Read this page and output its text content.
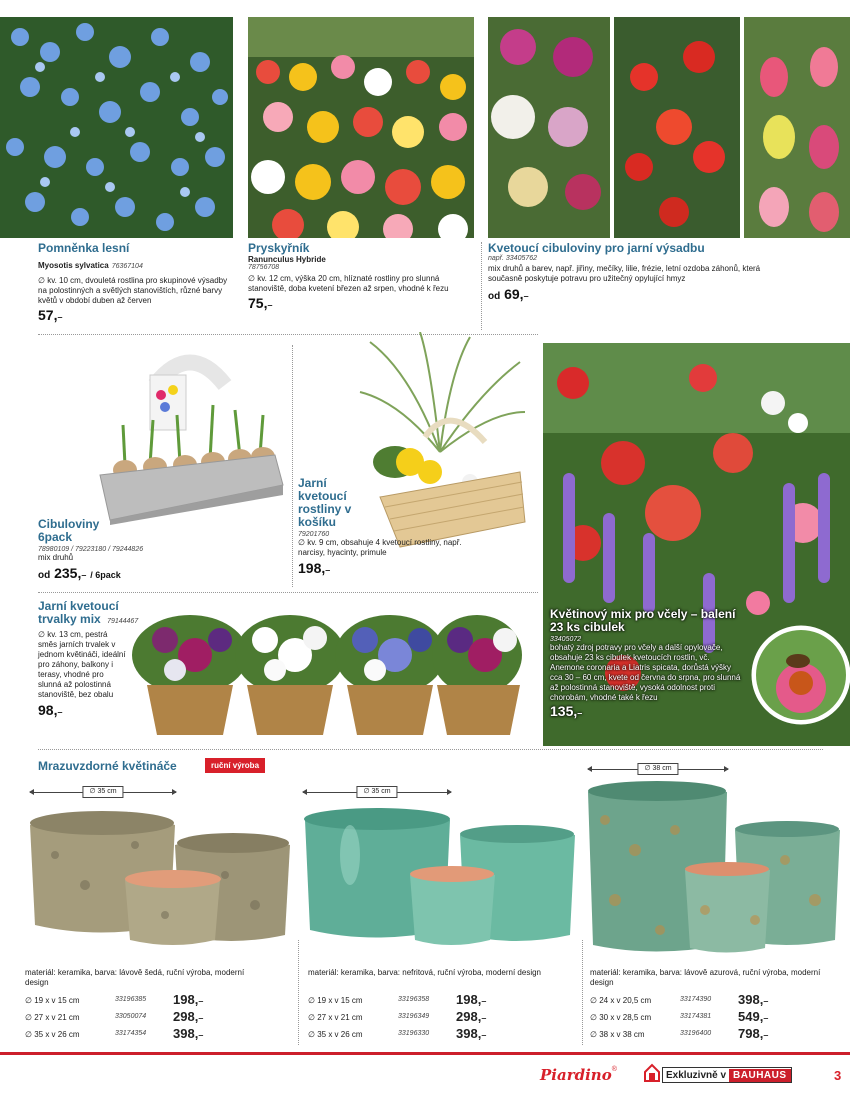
Pomněnka lesní
Myosotis sylvatica 76367104
∅ kv. 10 cm, dvouletá rostlina pro skupinové výsadby na polostinných a světlých stanovištích, různé barvy květů v období duben až červen
57,–
Pryskyřník
Ranunculus Hybride
78756708
∅ kv. 12 cm, výška 20 cm, hlíznaté rostliny pro slunná stanoviště, doba kvetení březen až srpen, vhodné k řezu
75,–
Kvetoucí cibuloviny pro jarní výsadbu
např. 33405762
mix druhů a barev, např. jiřiny, mečíky, lilie, frézie, letní ozdoba záhonů, která současně poskytuje potravu pro užitečný opylující hmyz
od 69,–
Cibuloviny 6pack
78980109 / 79223180 / 79244826
mix druhů
od 235,– / 6pack
Jarní kvetoucí rostliny v košíku
79201760
∅ kv. 9 cm, obsahuje 4 kvetoucí rostliny, např. narcisy, hyacinty, primule
198,–
Jarní kvetoucí trvalky mix 79144467
∅ kv. 13 cm, pestrá směs jarních trvalek v jednom květináči, ideální pro záhony, balkony i terasy, vhodné pro slunná až polostinná stanoviště, bez obalu
98,–
Květinový mix pro včely – balení 23 ks cibulek
33405072
bohatý zdroj potravy pro včely a další opylovače, obsahuje 23 ks cibulek kvetoucích rostlin, vč. Anemone coronaria a Liatris spicata, dorůstá výšky cca 30 – 60 cm, kvete od června do srpna, pro slunná až polostinná stanoviště, vysoká odolnost proti chorobám, vhodné také k řezu
135,–
Mrazuvzdorné květináče	ruční výroba
∅ 35 cm
materiál: keramika, barva: lávově šedá, ruční výroba, moderní design
∅ 19 x v 15 cm	33196385 198,–
∅ 27 x v 21 cm	33050074 298,–
∅ 35 x v 26 cm	33174354 398,–
∅ 35 cm
materiál: keramika, barva: nefritová, ruční výroba, moderní design
∅ 19 x v 15 cm	33196358 198,–
∅ 27 x v 21 cm	33196349 298,–
∅ 35 x v 26 cm	33196330 398,–
∅ 38 cm
materiál: keramika, barva: lávově azurová, ruční výroba, moderní design
∅ 24 x v 20,5 cm	33174390 398,–
∅ 30 x v 28,5 cm	33174381 549,–
∅ 38 x v 38 cm	33196400 798,–
Piardino®	Exkluzivně v BAUHAUS	3
